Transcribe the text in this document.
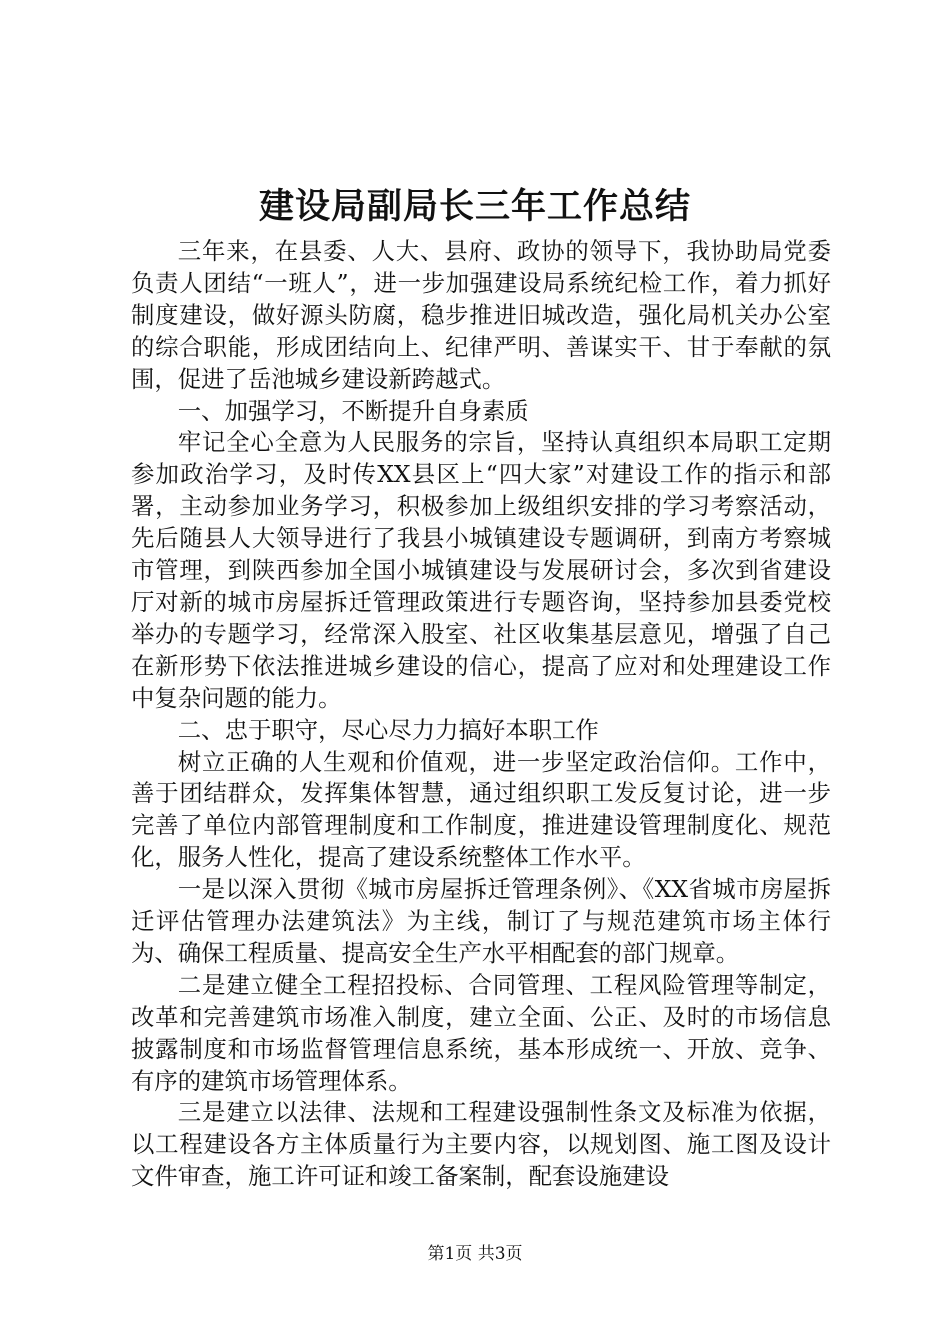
建设局副局长三年工作总结

三年来，在县委、人大、县府、政协的领导下，我协助局党委负责人团结“一班人”，进一步加强建设局系统纪检工作，着力抓好制度建设，做好源头防腐，稳步推进旧城改造，强化局机关办公室的综合职能，形成团结向上、纪律严明、善谋实干、甘于奉献的氛围，促进了岳池城乡建设新跨越式。

一、加强学习，不断提升自身素质

牢记全心全意为人民服务的宗旨，坚持认真组织本局职工定期参加政治学习，及时传XX县区上“四大家”对建设工作的指示和部署，主动参加业务学习，积极参加上级组织安排的学习考察活动，先后随县人大领导进行了我县小城镇建设专题调研，到南方考察城市管理，到陕西参加全国小城镇建设与发展研讨会，多次到省建设厅对新的城市房屋拆迁管理政策进行专题咨询，坚持参加县委党校举办的专题学习，经常深入股室、社区收集基层意见，增强了自己在新形势下依法推进城乡建设的信心，提高了应对和处理建设工作中复杂问题的能力。

二、忠于职守，尽心尽力力搞好本职工作

树立正确的人生观和价值观，进一步坚定政治信仰。工作中，善于团结群众，发挥集体智慧，通过组织职工发反复讨论，进一步完善了单位内部管理制度和工作制度，推进建设管理制度化、规范化，服务人性化，提高了建设系统整体工作水平。

一是以深入贯彻《城市房屋拆迁管理条例》、《XX省城市房屋拆迁评估管理办法建筑法》为主线，制订了与规范建筑市场主体行为、确保工程质量、提高安全生产水平相配套的部门规章。

二是建立健全工程招投标、合同管理、工程风险管理等制定，改革和完善建筑市场准入制度，建立全面、公正、及时的市场信息披露制度和市场监督管理信息系统，基本形成统一、开放、竞争、有序的建筑市场管理体系。

三是建立以法律、法规和工程建设强制性条文及标准为依据，以工程建设各方主体质量行为主要内容，以规划图、施工图及设计文件审查，施工许可证和竣工备案制，配套设施建设

第1页 共3页
